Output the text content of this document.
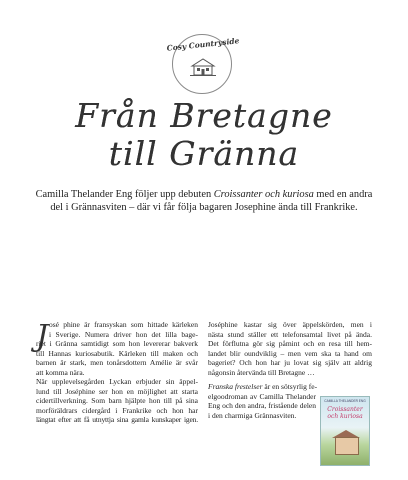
Cosy Countryside
Från Bretagne
till Gränna
Camilla Thelander Eng följer upp debuten Croissanter och kuriosa med en andra del i Grännasviten – där vi får följa bagaren Josephine ända till Frankrike.
J osé phine är fransyskan som hittade kärleken
i Sverige. Numera driver hon det lilla bage-
riet i Gränna samtidigt som hon levererar bakverk
till Hannas kuriosabutik. Kärleken till maken och
barnen är stark, men tonårsdottern Amélie är svår
att komma nära.
När upplevelsegården Lyckan erbjuder sin äppel-
lund till Joséphine ser hon en möjlighet att starta
cidertillverkning. Som barn hjälpte hon till på sina
morföräldrars cidergård i Frankrike och hon har
längtat efter att få utnyttja sina gamla kunskaper igen.
Joséphine kastar sig över äppelskörden, men i
nästa stund ställer ett telefonsamtal livet på ända.
Det förflutna gör sig påmint och en resa till hem-
landet blir oundviklig – men vem ska ta hand om
bageriet? Och hon har ju lovat sig själv att aldrig
någonsin återvända till Bretagne …
Franska frestelser är en sötsyrlig fe-
elgoodroman av Camilla Thelander
Eng och den andra, fristående delen
i den charmiga Grännasviten.
CAMILLA THELANDER ENG
Croissanter och kuriosa
